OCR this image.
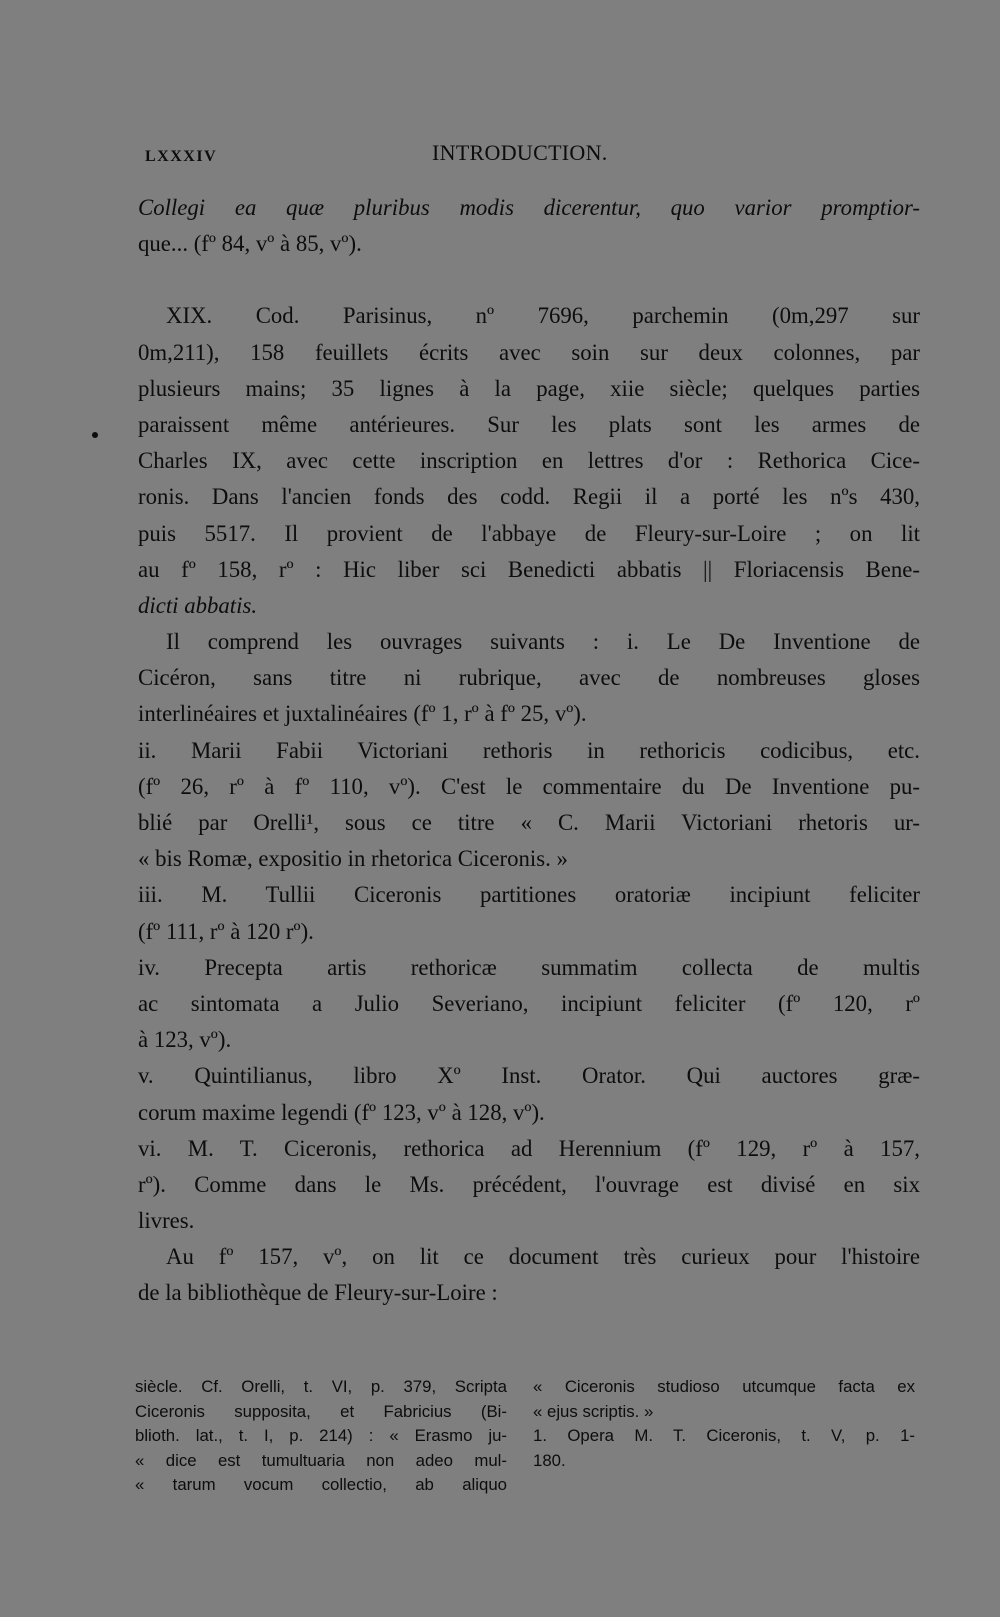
LXXXIV	INTRODUCTION.
Collegi ea quæ pluribus modis dicerentur, quo varior promptior-
que... (fº 84, vº à 85, vº).
XIX. Cod. Parisinus, nº 7696, parchemin (0m,297 sur
0m,211), 158 feuillets écrits avec soin sur deux colonnes, par
plusieurs mains; 35 lignes à la page, xiie siècle; quelques parties
paraissent même antérieures. Sur les plats sont les armes de
Charles IX, avec cette inscription en lettres d'or : Rethorica Cice-
ronis. Dans l'ancien fonds des codd. Regii il a porté les nºs 430,
puis 5517. Il provient de l'abbaye de Fleury-sur-Loire ; on lit
au fº 158, rº : Hic liber sci Benedicti abbatis || Floriacensis Bene-
dicti abbatis.
Il comprend les ouvrages suivants : i. Le De Inventione de
Cicéron, sans titre ni rubrique, avec de nombreuses gloses
interlinéaires et juxtalinéaires (fº 1, rº à fº 25, vº).
ii. Marii Fabii Victoriani rethoris in rethoricis codicibus, etc.
(fº 26, rº à fº 110, vº). C'est le commentaire du De Inventione pu-
blié par Orelli¹, sous ce titre « C. Marii Victoriani rhetoris ur-
« bis Romæ, expositio in rhetorica Ciceronis. »
iii. M. Tullii Ciceronis partitiones oratoriæ incipiunt feliciter
(fº 111, rº à 120 rº).
iv. Precepta artis rethoricæ summatim collecta de multis
ac sintomata a Julio Severiano, incipiunt feliciter (fº 120, rº
à 123, vº).
v. Quintilianus, libro Xº Inst. Orator. Qui auctores græ-
corum maxime legendi (fº 123, vº à 128, vº).
vi. M. T. Ciceronis, rethorica ad Herennium (fº 129, rº à 157,
rº). Comme dans le Ms. précédent, l'ouvrage est divisé en six
livres.
Au fº 157, vº, on lit ce document très curieux pour l'histoire
de la bibliothèque de Fleury-sur-Loire :
siècle. Cf. Orelli, t. VI, p. 379, Scripta
Ciceronis supposita, et Fabricius (Bi-
blioth. lat., t. I, p. 214) : « Erasmo ju-
« dice est tumultuaria non adeo mul-
« tarum vocum collectio, ab aliquo
« Ciceronis studioso utcumque facta ex
« ejus scriptis. »
1. Opera M. T. Ciceronis, t. V, p. 1-
180.
